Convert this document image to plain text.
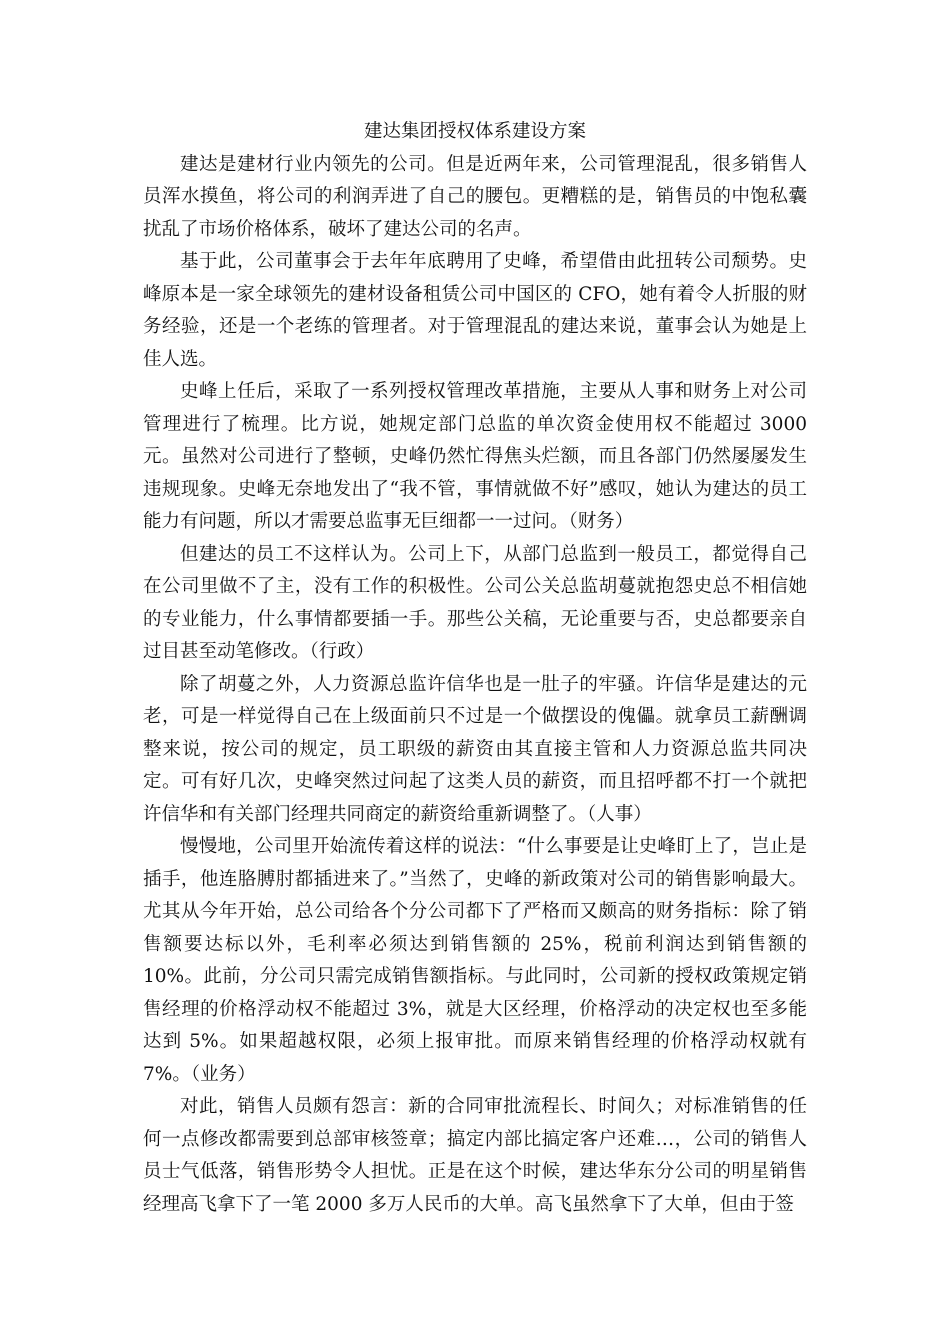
建达集团授权体系建设方案

建达是建材行业内领先的公司。但是近两年来，公司管理混乱，很多销售人员浑水摸鱼，将公司的利润弄进了自己的腰包。更糟糕的是，销售员的中饱私囊扰乱了市场价格体系，破坏了建达公司的名声。

基于此，公司董事会于去年年底聘用了史峰，希望借由此扭转公司颓势。史峰原本是一家全球领先的建材设备租赁公司中国区的 CFO，她有着令人折服的财务经验，还是一个老练的管理者。对于管理混乱的建达来说，董事会认为她是上佳人选。

史峰上任后，采取了一系列授权管理改革措施，主要从人事和财务上对公司管理进行了梳理。比方说，她规定部门总监的单次资金使用权不能超过 3000 元。虽然对公司进行了整顿，史峰仍然忙得焦头烂额，而且各部门仍然屡屡发生违规现象。史峰无奈地发出了“我不管，事情就做不好”感叹，她认为建达的员工能力有问题，所以才需要总监事无巨细都一一过问。（财务）

但建达的员工不这样认为。公司上下，从部门总监到一般员工，都觉得自己在公司里做不了主，没有工作的积极性。公司公关总监胡蔓就抱怨史总不相信她的专业能力，什么事情都要插一手。那些公关稿，无论重要与否，史总都要亲自过目甚至动笔修改。（行政）

除了胡蔓之外，人力资源总监许信华也是一肚子的牢骚。许信华是建达的元老，可是一样觉得自己在上级面前只不过是一个做摆设的傀儡。就拿员工薪酬调整来说，按公司的规定，员工职级的薪资由其直接主管和人力资源总监共同决定。可有好几次，史峰突然过问起了这类人员的薪资，而且招呼都不打一个就把许信华和有关部门经理共同商定的薪资给重新调整了。（人事）

慢慢地，公司里开始流传着这样的说法：“什么事要是让史峰盯上了，岂止是插手，他连胳膊肘都插进来了。”当然了，史峰的新政策对公司的销售影响最大。尤其从今年开始，总公司给各个分公司都下了严格而又颇高的财务指标：除了销售额要达标以外，毛利率必须达到销售额的 25%，税前利润达到销售额的 10%。此前，分公司只需完成销售额指标。与此同时，公司新的授权政策规定销售经理的价格浮动权不能超过 3%，就是大区经理，价格浮动的决定权也至多能达到 5%。如果超越权限，必须上报审批。而原来销售经理的价格浮动权就有 7%。（业务）

对此，销售人员颇有怨言：新的合同审批流程长、时间久；对标准销售的任何一点修改都需要到总部审核签章；搞定内部比搞定客户还难…，公司的销售人员士气低落，销售形势令人担忧。正是在这个时候，建达华东分公司的明星销售经理高飞拿下了一笔 2000 多万人民币的大单。高飞虽然拿下了大单，但由于签
